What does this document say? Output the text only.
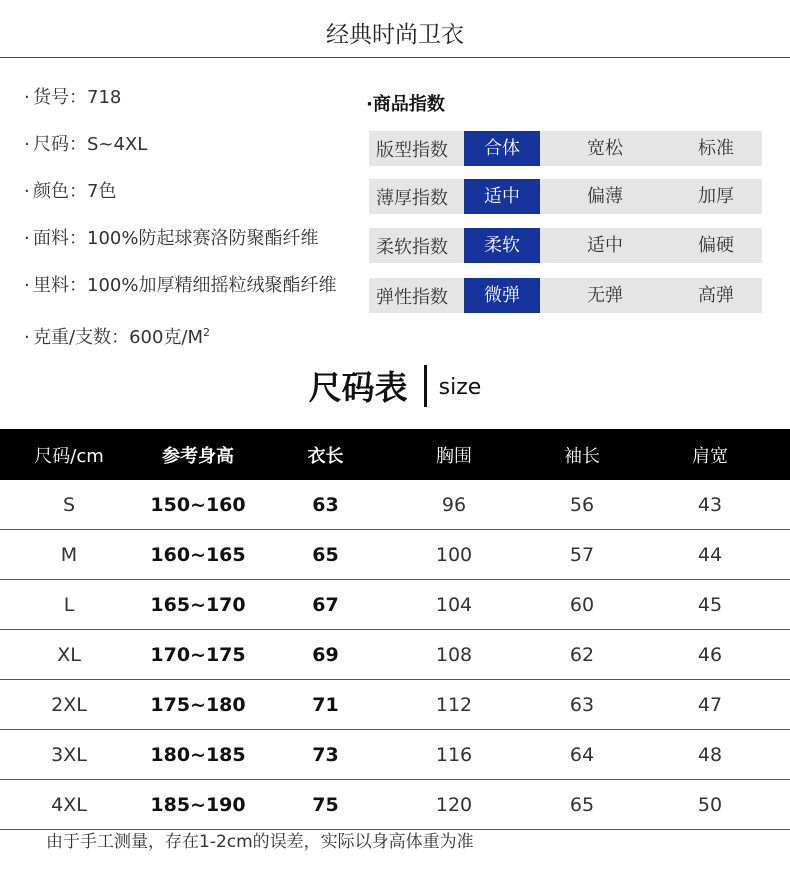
经典时尚卫衣
· 货号：718
· 尺码：S~4XL
· 颜色：7色
· 面料：100%防起球赛洛防聚酯纤维
· 里料：100%加厚精细摇粒绒聚酯纤维
· 克重/支数：600克$/M^2$
·商品指数
版型指数	合体	宽松	标准
薄厚指数	适中	偏薄	加厚
柔软指数	柔软	适中	偏硬
弹性指数	微弹	无弹	高弹
尺码表 size
尺码/cm	参考身高	衣长	胸围	袖长	肩宽
S	150~160	63	96	56	43
M	160~165	65	100	57	44
L	165~170	67	104	60	45
XL	170~175	69	108	62	46
2XL	175~180	71	112	63	47
3XL	180~185	73	116	64	48
4XL	185~190	75	120	65	50
由于手工测量，存在1-2cm的误差，实际以身高体重为准
